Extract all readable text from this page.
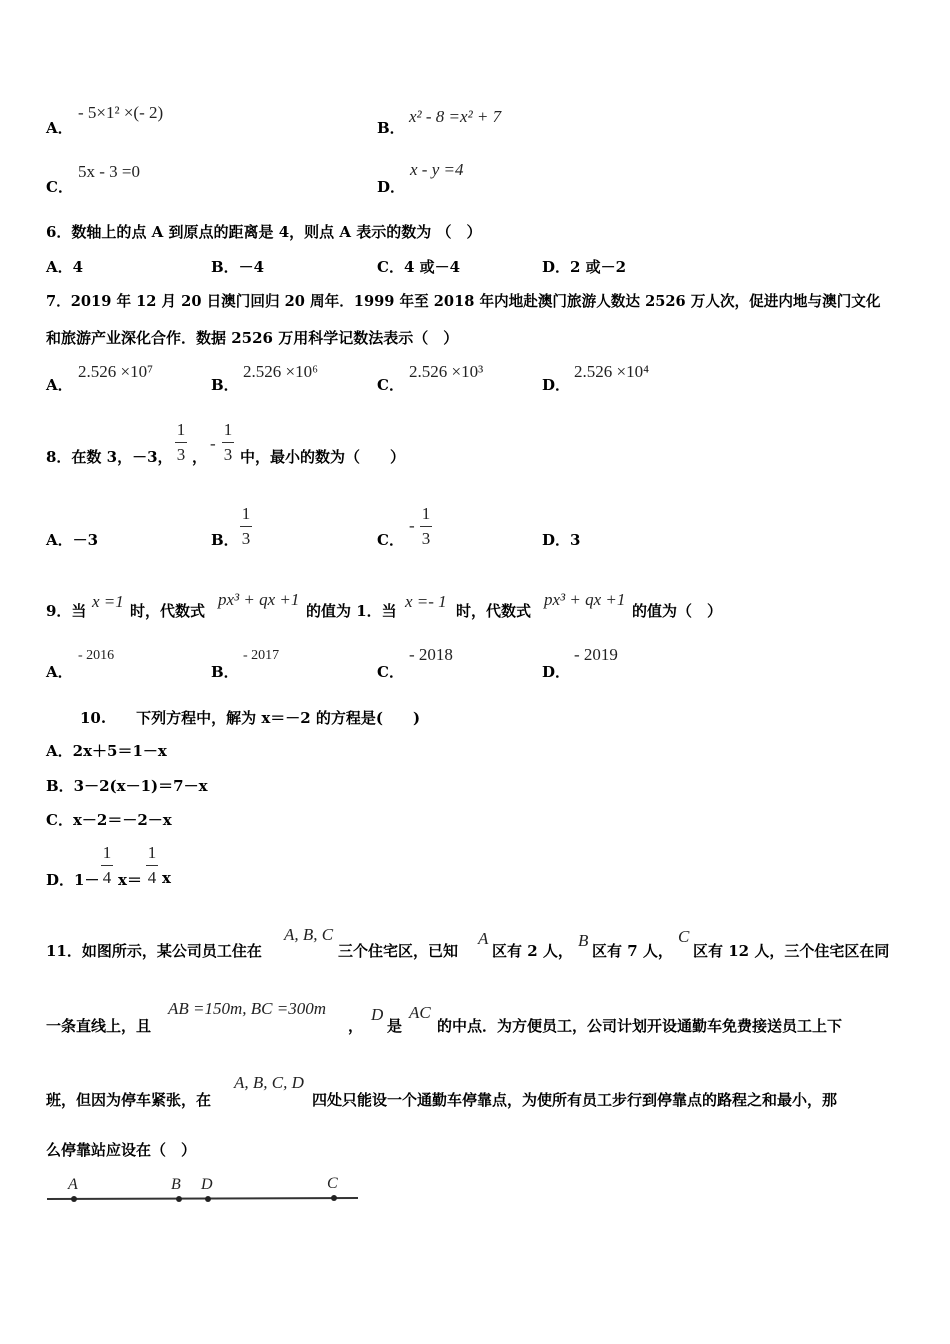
A．
- 5×1² ×(- 2)
B．
x² - 8 =x² + 7
C．
5x - 3 =0
D．
x - y =4
6．数轴上的点 A 到原点的距离是 4，则点 A 表示的数为 （　）
A．4	B．－4	C．4 或－4	D．2 或－2
7．2019 年 12 月 20 日澳门回归 20 周年．1999 年至 2018 年内地赴澳门旅游人数达 2526 万人次，促进内地与澳门文化
和旅游产业深化合作．数据 2526 万用科学记数法表示（　）
A．
2.526 ×10⁷
B．
2.526 ×10⁶
C．
2.526 ×10³
D．
2.526 ×10⁴
8．在数 3，－3，
1
3 ，
-
1
3 中，最小的数为（　　）
A．－3	B．
1
3	C．
-
1
3	D．3
9．当 x =1 时，代数式
px³ + qx +1
的值为 1．当 x =- 1 时，代数式
px³ + qx +1
的值为（　）
A．
- 2016
B．
- 2017
C．
- 2018
D．
- 2019
10.　　下列方程中，解为 x＝－2 的方程是(　　)
A．2x＋5＝1－x
B．3－2(x－1)＝7－x
C．x－2＝－2－x
D．1－
1
4 x＝
1
4 x
11．如图所示，某公司员工住在
A, B, C
三个住宅区，已知
A
区有 2 人，
B
区有 7 人，
C
区有 12 人，三个住宅区在同
一条直线上，且
AB =150m, BC =300m
，
D
是
AC
的中点．为方便员工，公司计划开设通勤车免费接送员工上下
班，但因为停车紧张，在
A, B, C, D
四处只能设一个通勤车停靠点，为使所有员工步行到停靠点的路程之和最小，那
么停靠站应设在（　）
A	B D	C
